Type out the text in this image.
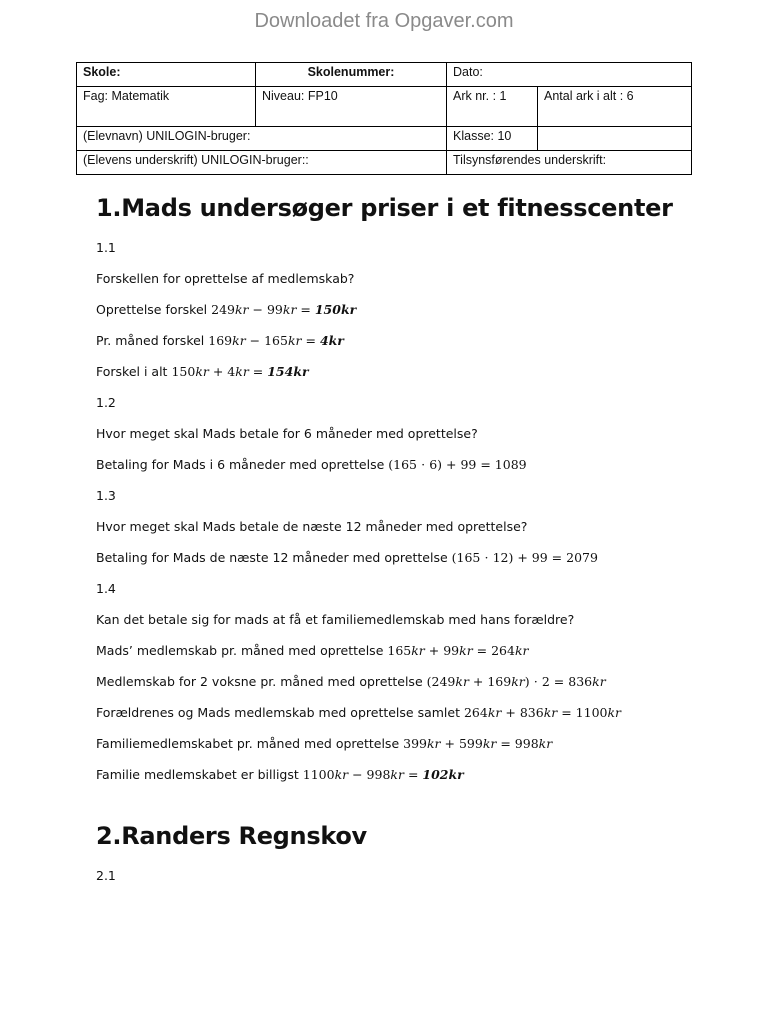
Downloadet fra Opgaver.com
Skole:	Skolenummer:	Dato:	
Fag: Matematik	Niveau: FP10	Ark nr. : 1	Antal ark i alt : 6
(Elevnavn) UNILOGIN-bruger:		Klasse: 10	
(Elevens underskrift) UNILOGIN-bruger::		Tilsynsførendes underskrift:	
1.Mads undersøger priser i et fitnesscenter
1.1
Forskellen for oprettelse af medlemskab?
Oprettelse forskel 249kr − 99kr = 150kr
Pr. måned forskel 169kr − 165kr = 4kr
Forskel i alt 150kr + 4kr = 154kr
1.2
Hvor meget skal Mads betale for 6 måneder med oprettelse?
Betaling for Mads i 6 måneder med oprettelse (165 ⋅ 6) + 99 = 1089
1.3
Hvor meget skal Mads betale de næste 12 måneder med oprettelse?
Betaling for Mads de næste 12 måneder med oprettelse (165 ⋅ 12) + 99 = 2079
1.4
Kan det betale sig for mads at få et familiemedlemskab med hans forældre?
Mads’ medlemskab pr. måned med oprettelse 165kr + 99kr = 264kr
Medlemskab for 2 voksne pr. måned med oprettelse (249kr + 169kr) ⋅ 2 = 836kr
Forældrenes og Mads medlemskab med oprettelse samlet 264kr + 836kr = 1100kr
Familiemedlemskabet pr. måned med oprettelse 399kr + 599kr = 998kr
Familie medlemskabet er billigst 1100kr − 998kr = 102kr
2.Randers Regnskov
2.1
